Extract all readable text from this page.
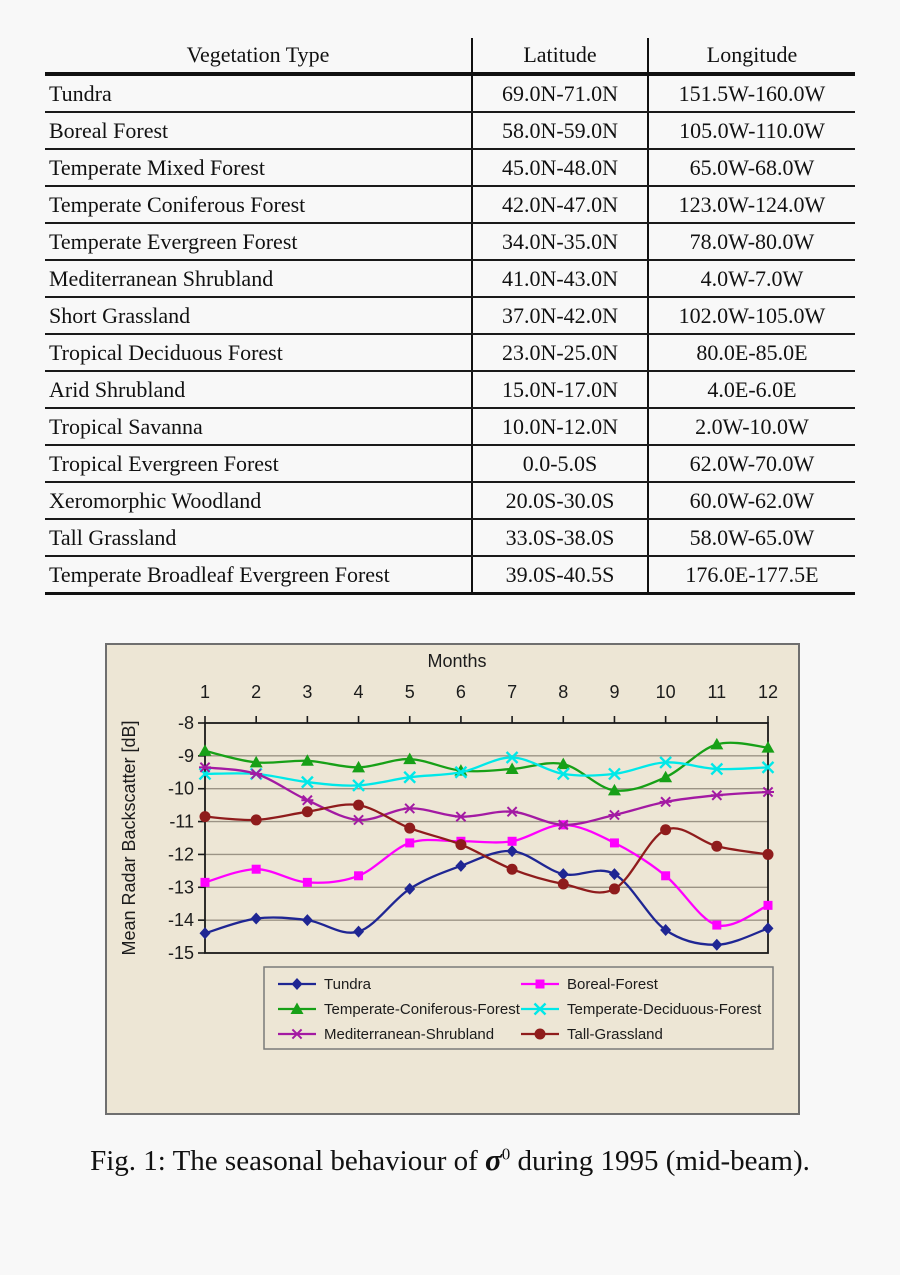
Vegetation Type	Latitude	Longitude
Tundra	69.0N-71.0N	151.5W-160.0W
Boreal Forest	58.0N-59.0N	105.0W-110.0W
Temperate Mixed Forest	45.0N-48.0N	65.0W-68.0W
Temperate Coniferous Forest	42.0N-47.0N	123.0W-124.0W
Temperate Evergreen Forest	34.0N-35.0N	78.0W-80.0W
Mediterranean Shrubland	41.0N-43.0N	4.0W-7.0W
Short Grassland	37.0N-42.0N	102.0W-105.0W
Tropical Deciduous Forest	23.0N-25.0N	80.0E-85.0E
Arid Shrubland	15.0N-17.0N	4.0E-6.0E
Tropical Savanna	10.0N-12.0N	2.0W-10.0W
Tropical Evergreen Forest	0.0-5.0S	62.0W-70.0W
Xeromorphic Woodland	20.0S-30.0S	60.0W-62.0W
Tall Grassland	33.0S-38.0S	58.0W-65.0W
Temperate Broadleaf Evergreen Forest	39.0S-40.5S	176.0E-177.5E
Months
1 2 3 4 5 6 7 8 9 10 11 12
-8
-9
-10
-11
-12
-13
-14
-15
Mean Radar Backscatter [dB]
Tundra	Boreal-Forest
Temperate-Coniferous-Forest	Temperate-Deciduous-Forest
Mediterranean-Shrubland	Tall-Grassland
Fig. 1: The seasonal behaviour of $\sigma^0$ during 1995 (mid-beam).
